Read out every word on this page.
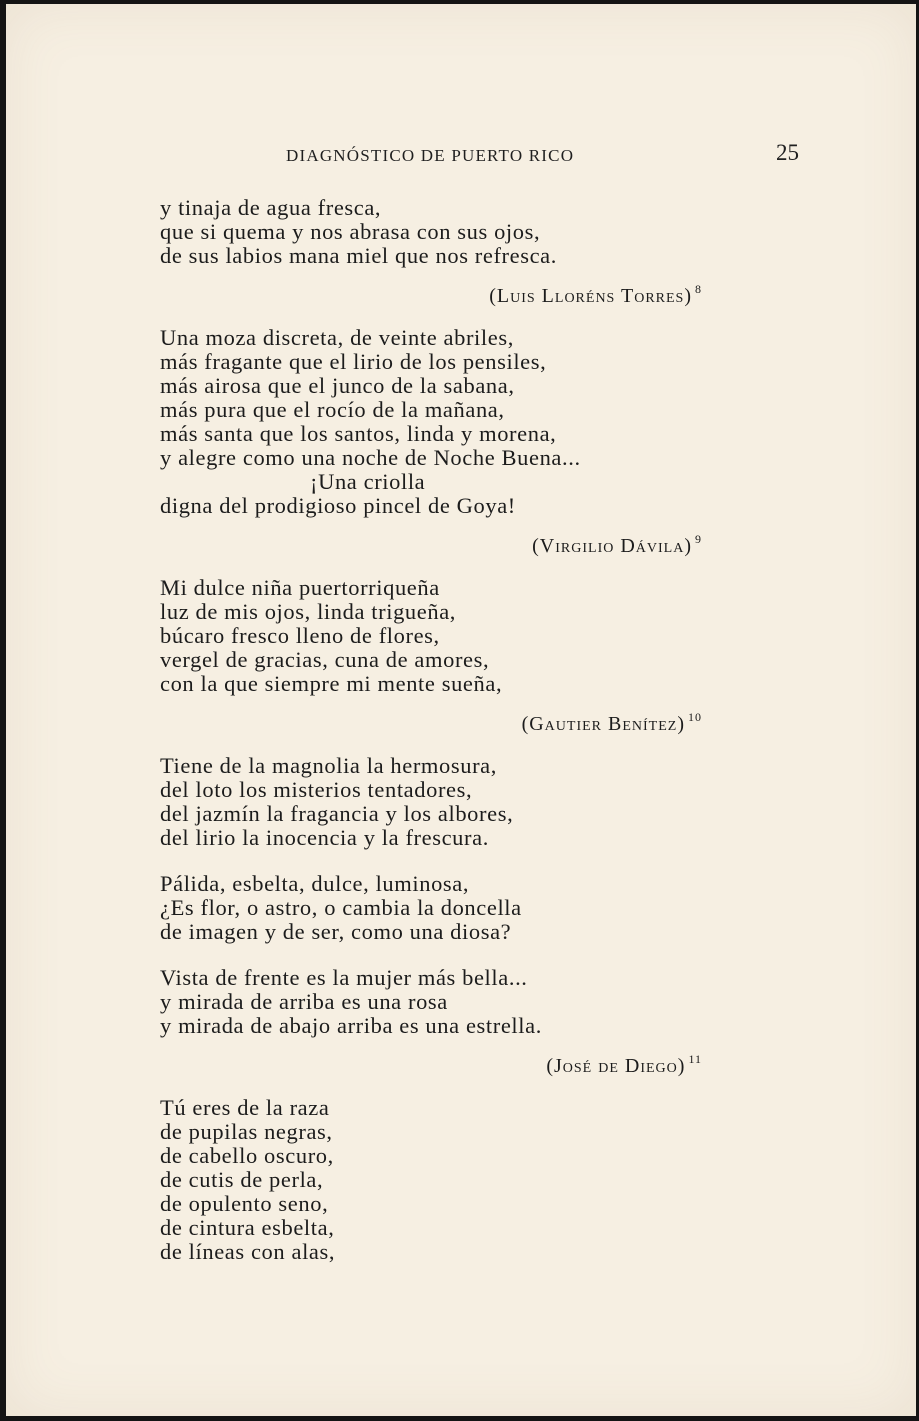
DIAGNÓSTICO DE PUERTO RICO	25
y tinaja de agua fresca,
que si quema y nos abrasa con sus ojos,
de sus labios mana miel que nos refresca.
(Luis Lloréns Torres) $^8$
Una moza discreta, de veinte abriles,
más fragante que el lirio de los pensiles,
más airosa que el junco de la sabana,
más pura que el rocío de la mañana,
más santa que los santos, linda y morena,
y alegre como una noche de Noche Buena...
¡Una criolla
digna del prodigioso pincel de Goya!
(Virgilio Dávila) $^9$
Mi dulce niña puertorriqueña
luz de mis ojos, linda trigueña,
búcaro fresco lleno de flores,
vergel de gracias, cuna de amores,
con la que siempre mi mente sueña,
(Gautier Benítez) $^{10}$
Tiene de la magnolia la hermosura,
del loto los misterios tentadores,
del jazmín la fragancia y los albores,
del lirio la inocencia y la frescura.
Pálida, esbelta, dulce, luminosa,
¿Es flor, o astro, o cambia la doncella
de imagen y de ser, como una diosa?
Vista de frente es la mujer más bella...
y mirada de arriba es una rosa
y mirada de abajo arriba es una estrella.
(José de Diego) $^{11}$
Tú eres de la raza
de pupilas negras,
de cabello oscuro,
de cutis de perla,
de opulento seno,
de cintura esbelta,
de líneas con alas,
